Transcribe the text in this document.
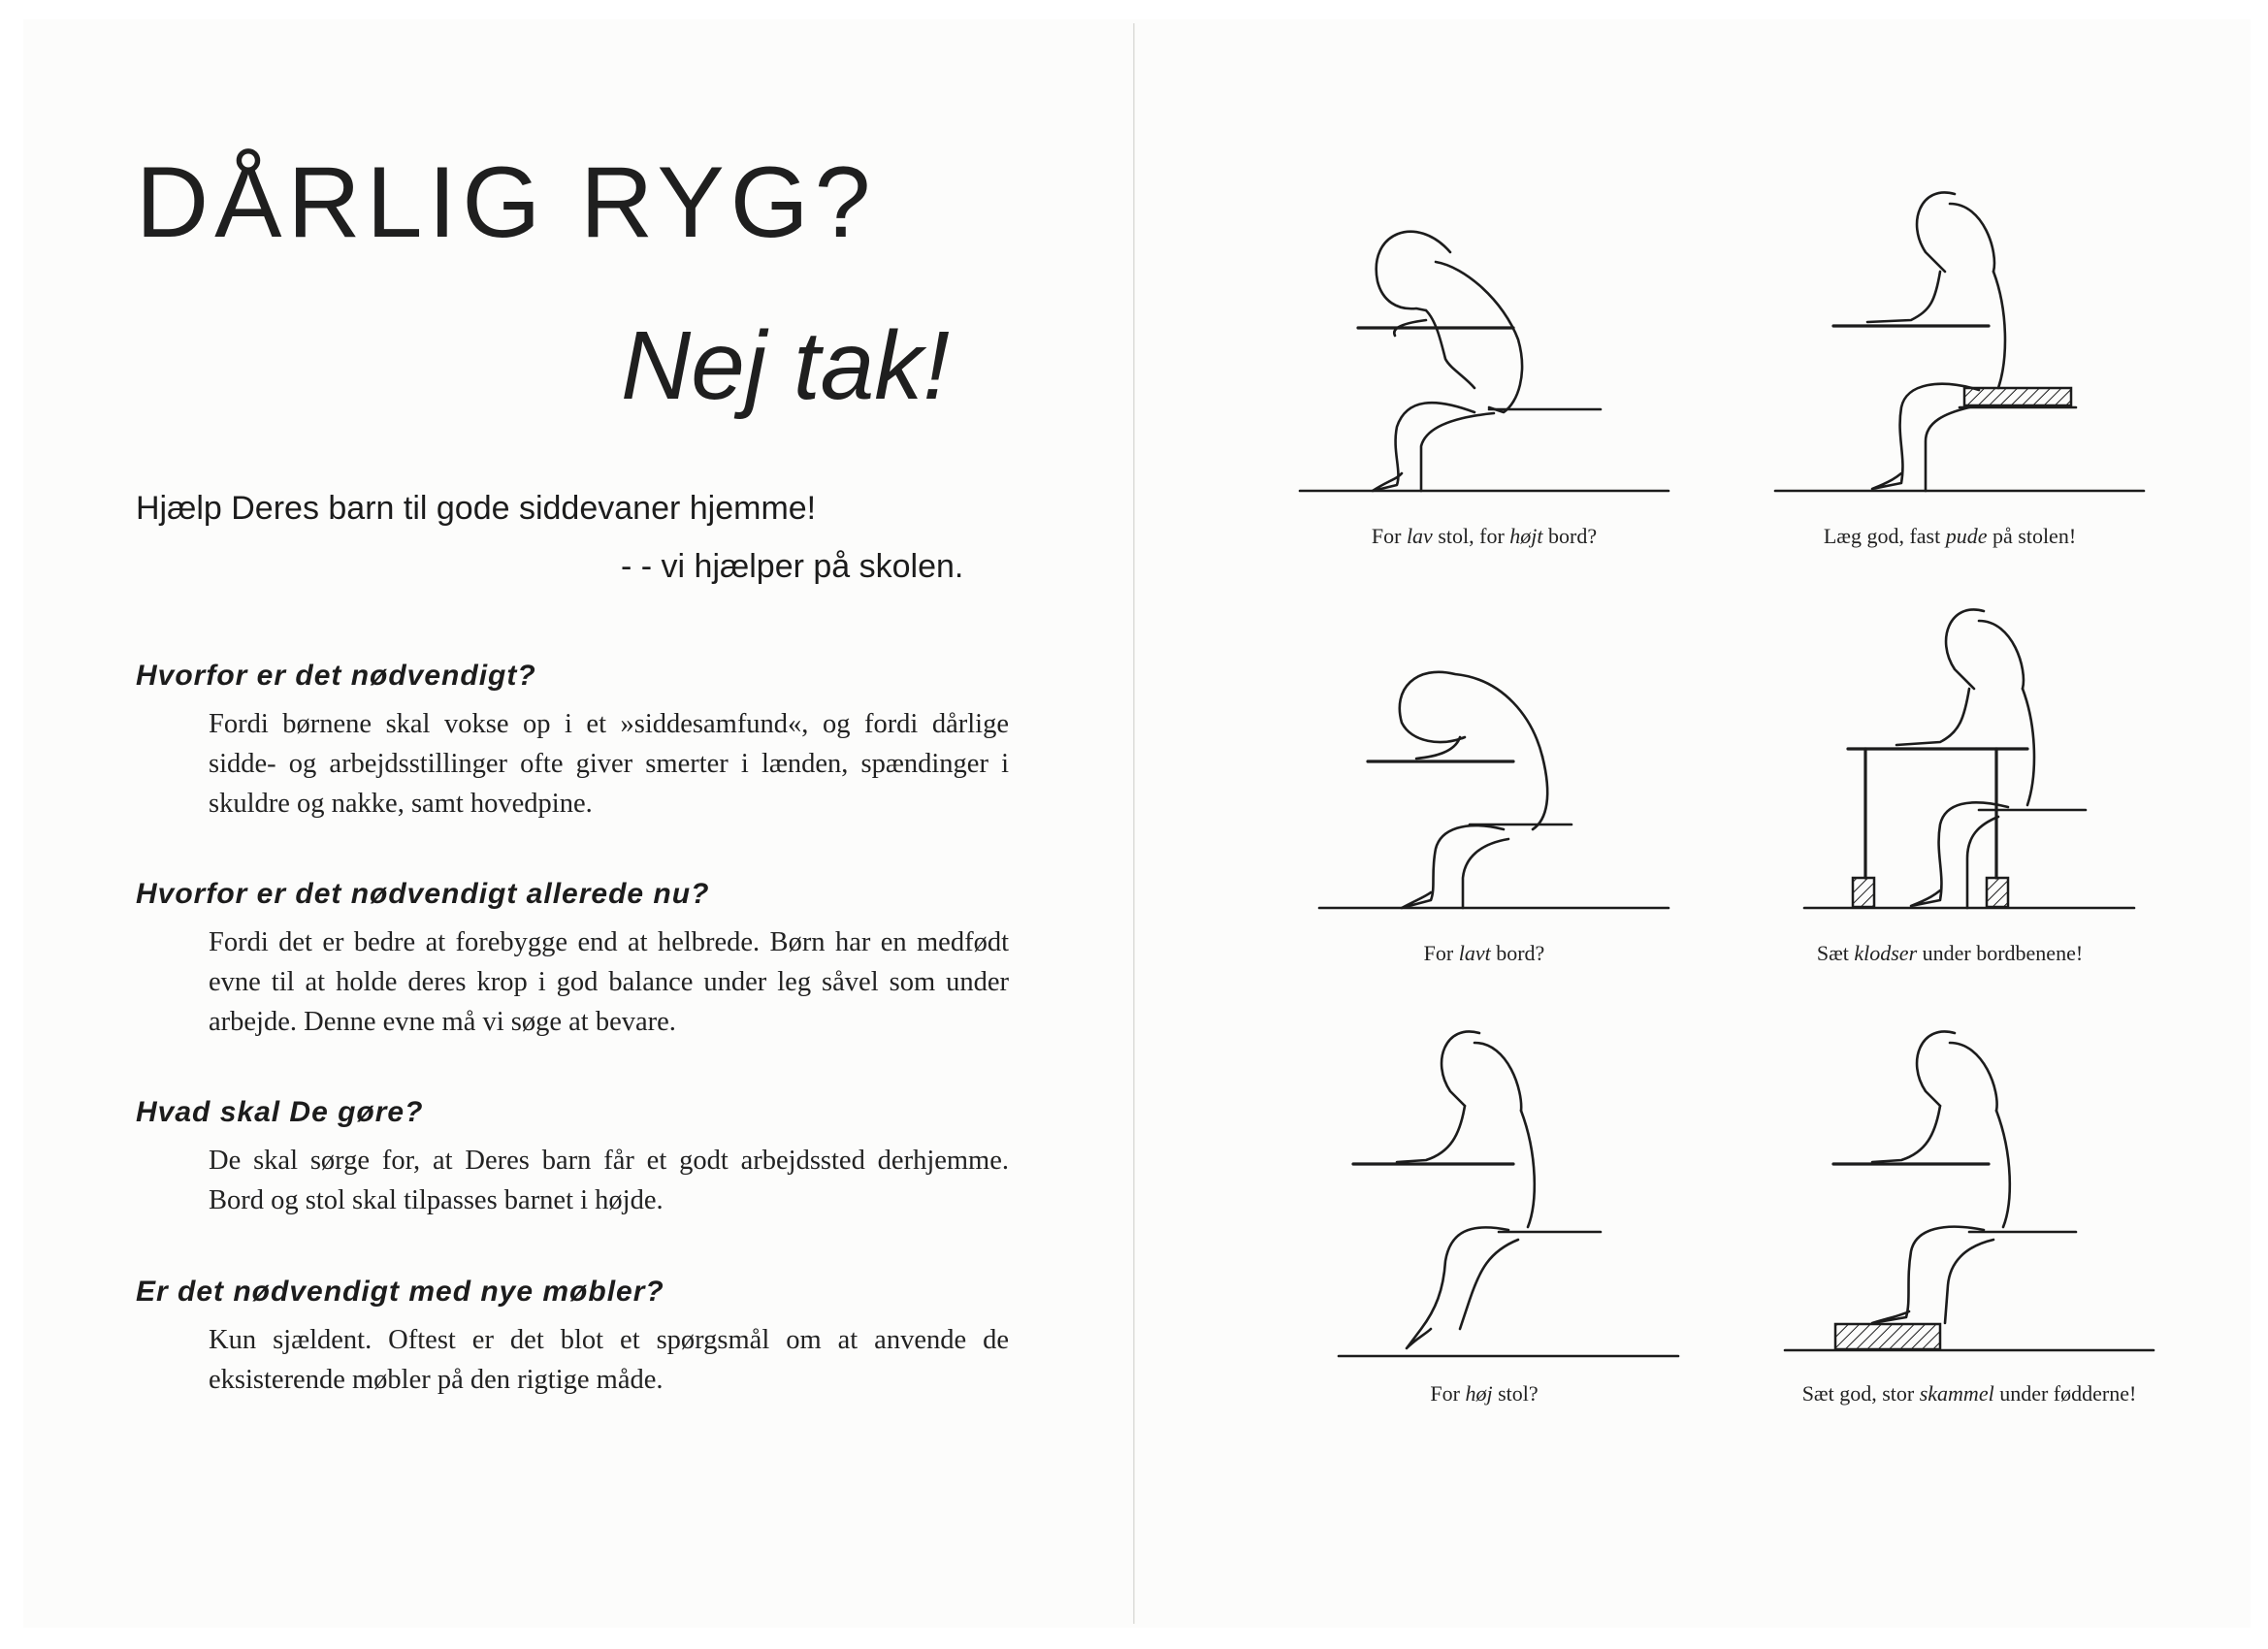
DÅRLIG RYG?
Nej tak!
Hjælp Deres barn til gode siddevaner hjemme!
- - vi hjælper på skolen.
Hvorfor er det nødvendigt?

Fordi børnene skal vokse op i et »siddesamfund«, og fordi dårlige sidde- og arbejdsstillinger ofte giver smerter i lænden, spændinger i skuldre og nakke, samt hovedpine.

Hvorfor er det nødvendigt allerede nu?

Fordi det er bedre at forebygge end at helbrede. Børn har en medfødt evne til at holde deres krop i god balance under leg såvel som under arbejde. Denne evne må vi søge at bevare.

Hvad skal De gøre?

De skal sørge for, at Deres barn får et godt arbejdssted derhjemme. Bord og stol skal tilpasses barnet i højde.

Er det nødvendigt med nye møbler?

Kun sjældent. Oftest er det blot et spørgsmål om at anvende de eksisterende møbler på den rigtige måde.

For lav stol, for højt bord?	Læg god, fast pude på stolen!
For lavt bord?	Sæt klodser under bordbenene!
For høj stol?	Sæt god, stor skammel under fødderne!
